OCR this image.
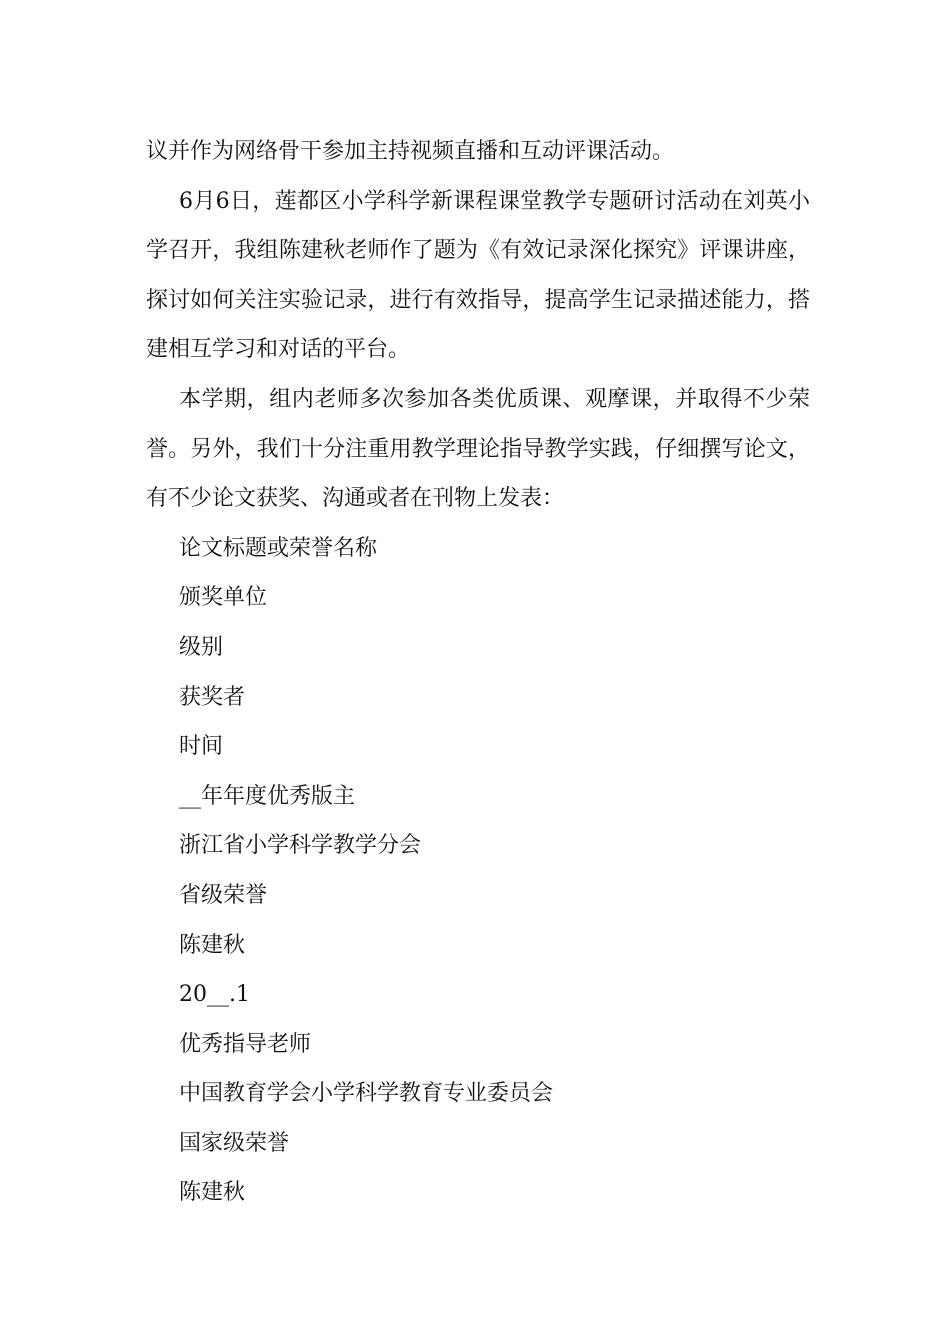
议并作为网络骨干参加主持视频直播和互动评课活动。

6月6日，莲都区小学科学新课程课堂教学专题研讨活动在刘英小学召开，我组陈建秋老师作了题为《有效记录深化探究》评课讲座，探讨如何关注实验记录，进行有效指导，提高学生记录描述能力，搭建相互学习和对话的平台。

本学期，组内老师多次参加各类优质课、观摩课，并取得不少荣誉。另外，我们十分注重用教学理论指导教学实践，仔细撰写论文，有不少论文获奖、沟通或者在刊物上发表：

论文标题或荣誉名称

颁奖单位

级别

获奖者

时间

__年年度优秀版主

浙江省小学科学教学分会

省级荣誉

陈建秋

20__.1

优秀指导老师

中国教育学会小学科学教育专业委员会

国家级荣誉

陈建秋
